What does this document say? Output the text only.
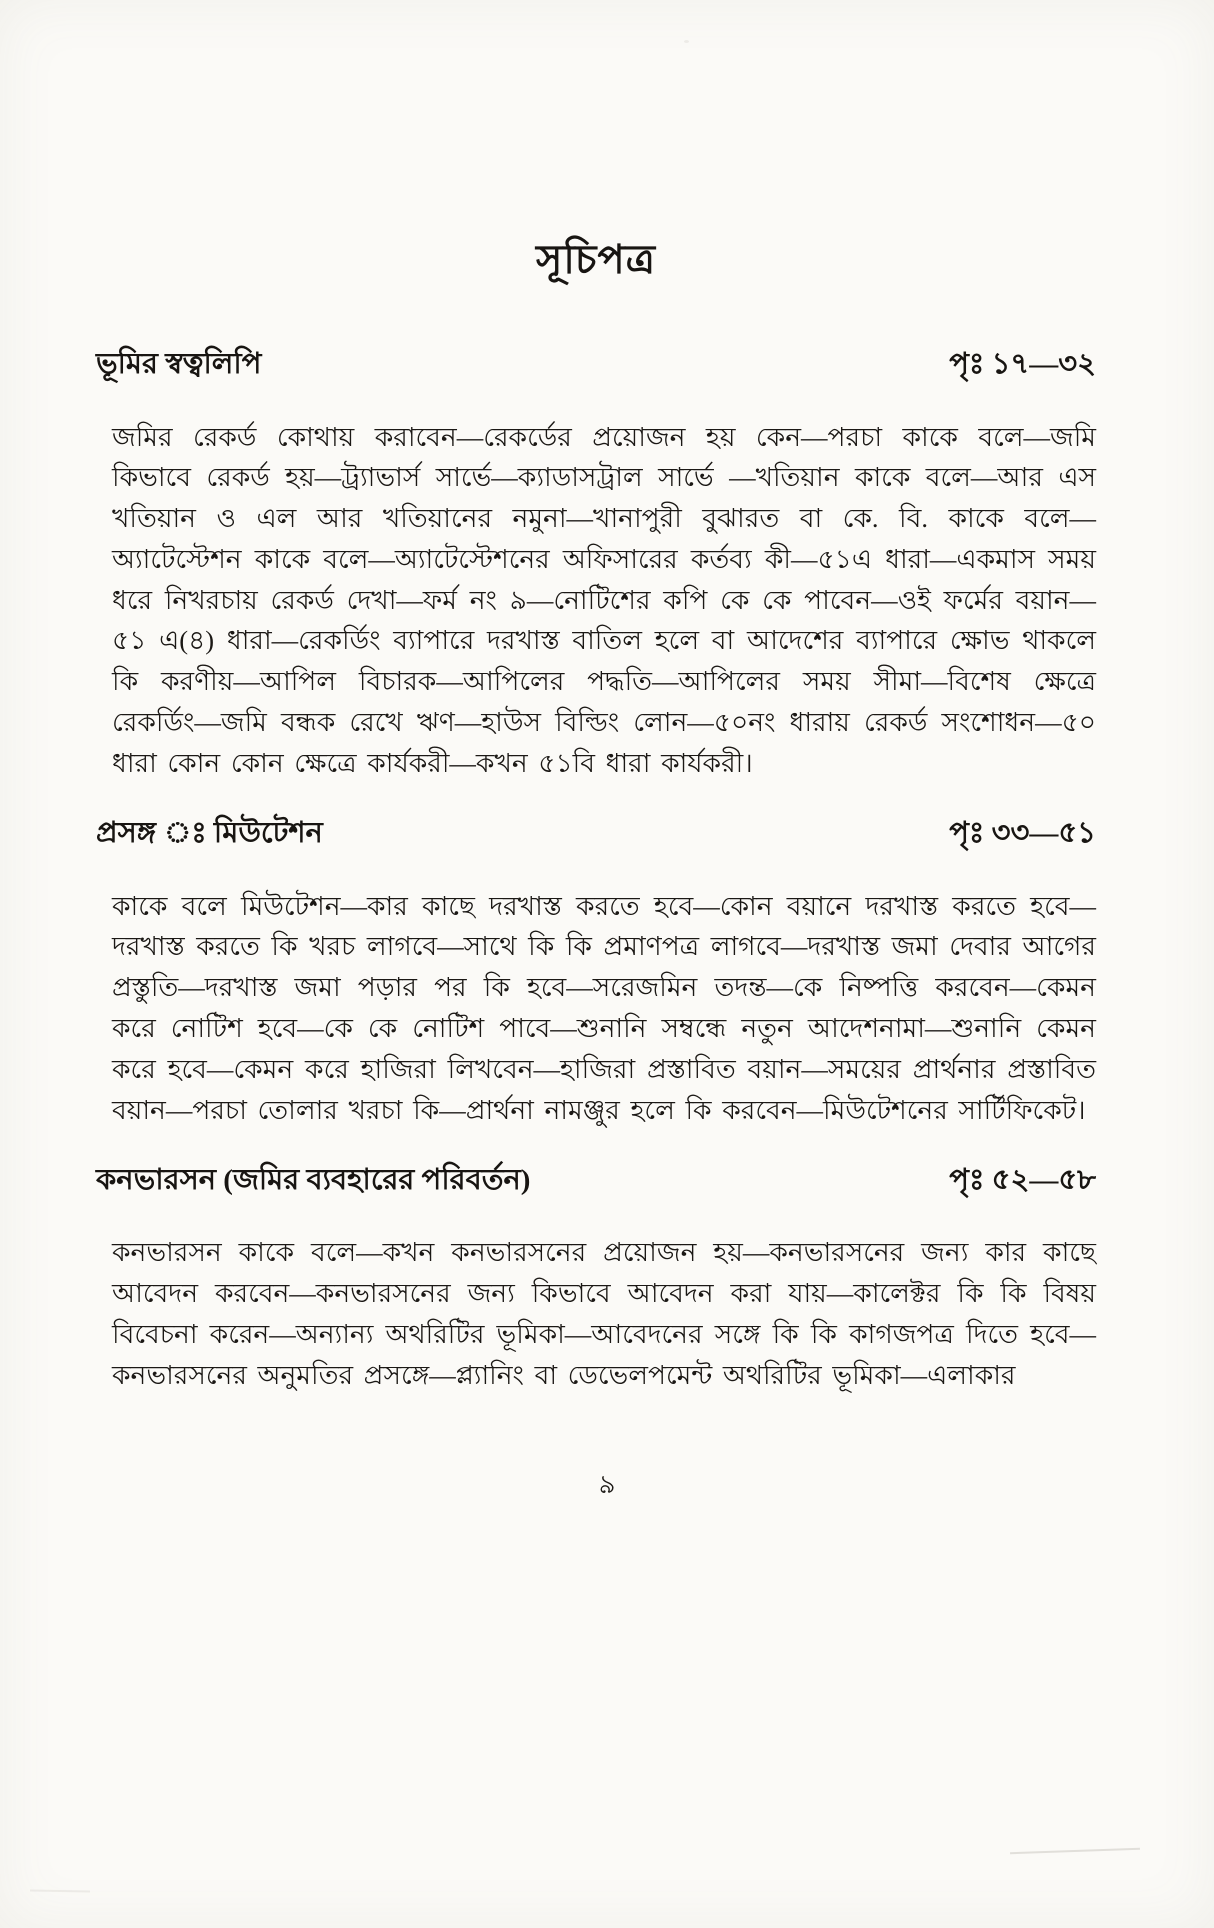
সূচিপত্র
ভূমির স্বত্বলিপি	পৃঃ ১৭—৩২

জমির রেকর্ড কোথায় করাবেন—রেকর্ডের প্রয়োজন হয় কেন—পরচা কাকে বলে—জমি কিভাবে রেকর্ড হয়—ট্র্যাভার্স সার্ভে—ক্যাডাসট্রাল সার্ভে —খতিয়ান কাকে বলে—আর এস খতিয়ান ও এল আর খতিয়ানের নমুনা—খানাপুরী বুঝারত বা কে. বি. কাকে বলে—অ্যাটেস্টেশন কাকে বলে—অ্যাটেস্টেশনের অফিসারের কর্তব্য কী—৫১এ ধারা—একমাস সময় ধরে নিখরচায় রেকর্ড দেখা—ফর্ম নং ৯—নোটিশের কপি কে কে পাবেন—ওই ফর্মের বয়ান—৫১ এ(৪) ধারা—রেকর্ডিং ব্যাপারে দরখাস্ত বাতিল হলে বা আদেশের ব্যাপারে ক্ষোভ থাকলে কি করণীয়—আপিল বিচারক—আপিলের পদ্ধতি—আপিলের সময় সীমা—বিশেষ ক্ষেত্রে রেকর্ডিং—জমি বন্ধক রেখে ঋণ—হাউস বিল্ডিং লোন—৫০নং ধারায় রেকর্ড সংশোধন—৫০ ধারা কোন কোন ক্ষেত্রে কার্যকরী—কখন ৫১বি ধারা কার্যকরী।

প্রসঙ্গ ঃ মিউটেশন	পৃঃ ৩৩—৫১

কাকে বলে মিউটেশন—কার কাছে দরখাস্ত করতে হবে—কোন বয়ানে দরখাস্ত করতে হবে—দরখাস্ত করতে কি খরচ লাগবে—সাথে কি কি প্রমাণপত্র লাগবে—দরখাস্ত জমা দেবার আগের প্রস্তুতি—দরখাস্ত জমা পড়ার পর কি হবে—সরেজমিন তদন্ত—কে নিষ্পত্তি করবেন—কেমন করে নোটিশ হবে—কে কে নোটিশ পাবে—শুনানি সম্বন্ধে নতুন আদেশনামা—শুনানি কেমন করে হবে—কেমন করে হাজিরা লিখবেন—হাজিরা প্রস্তাবিত বয়ান—সময়ের প্রার্থনার প্রস্তাবিত বয়ান—পরচা তোলার খরচা কি—প্রার্থনা নামঞ্জুর হলে কি করবেন—মিউটেশনের সার্টিফিকেট।

কনভারসন (জমির ব্যবহারের পরিবর্তন)	পৃঃ ৫২—৫৮

কনভারসন কাকে বলে—কখন কনভারসনের প্রয়োজন হয়—কনভারসনের জন্য কার কাছে আবেদন করবেন—কনভারসনের জন্য কিভাবে আবেদন করা যায়—কালেক্টর কি কি বিষয় বিবেচনা করেন—অন্যান্য অথরিটির ভূমিকা—আবেদনের সঙ্গে কি কি কাগজপত্র দিতে হবে—কনভারসনের অনুমতির প্রসঙ্গে—প্ল্যানিং বা ডেভেলপমেন্ট অথরিটির ভূমিকা—এলাকার

৯
